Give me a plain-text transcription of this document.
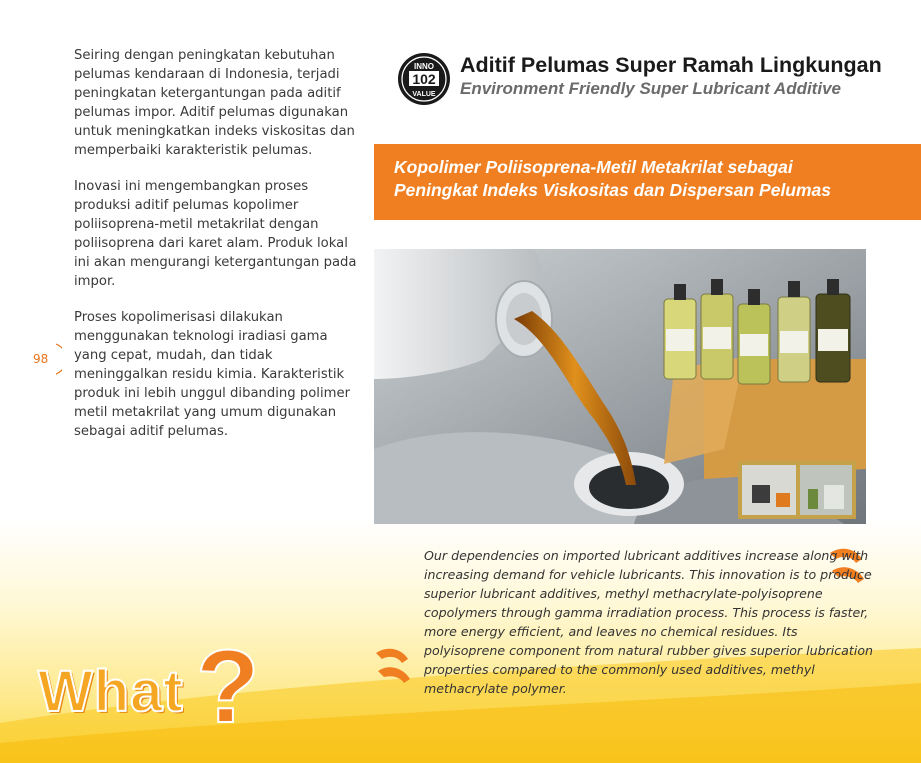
Seiring dengan peningkatan kebutuhan pelumas kendaraan di Indonesia, terjadi peningkatan ketergantungan pada aditif pelumas impor. Aditif pelumas digunakan untuk meningkatkan indeks viskositas dan memperbaiki karakteristik pelumas.

Inovasi ini mengembangkan proses produksi aditif pelumas kopolimer poliisoprena-metil metakrilat dengan poliisoprena dari karet alam. Produk lokal ini akan mengurangi ketergantungan pada impor.

Proses kopolimerisasi dilakukan menggunakan teknologi iradiasi gama yang cepat, mudah, dan tidak meninggalkan residu kimia. Karakteristik produk ini lebih unggul dibanding polimer metil metakrilat yang umum digunakan sebagai aditif pelumas.

98
INNO
102
VALUE
Aditif Pelumas Super Ramah Lingkungan
Environment Friendly Super Lubricant Additive
Kopolimer Poliisoprena-Metil Metakrilat sebagai
Peningkat Indeks Viskositas dan Dispersan Pelumas
Our dependencies on imported lubricant additives increase along with increasing demand for vehicle lubricants. This innovation is to produce superior lubricant additives, methyl methacrylate-polyisoprene copolymers through gamma irradiation process. This process is faster, more energy efficient, and leaves no chemical residues. Its polyisoprene component from natural rubber gives superior lubrication properties compared to the commonly used additives, methyl methacrylate polymer.
What ?
